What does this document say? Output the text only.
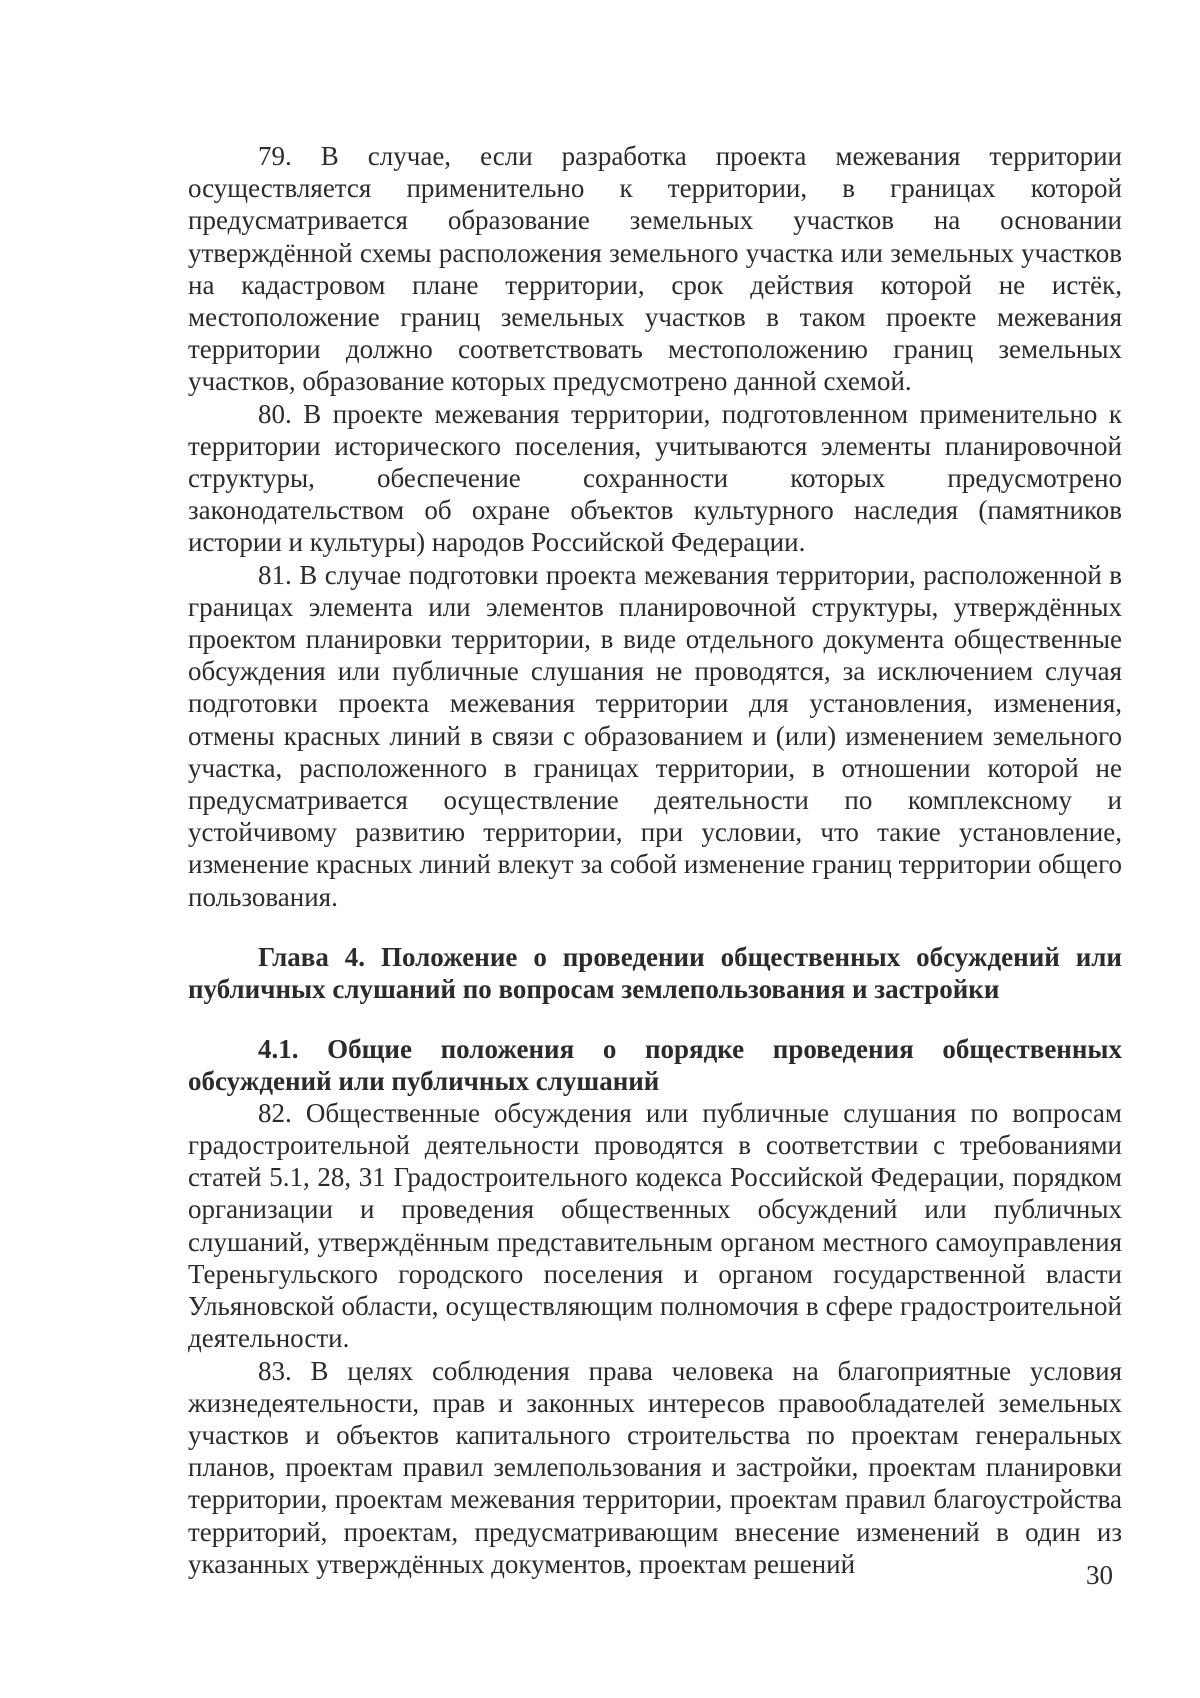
79. В случае, если разработка проекта межевания территории осуществляется применительно к территории, в границах которой предусматривается образование земельных участков на основании утверждённой схемы расположения земельного участка или земельных участков на кадастровом плане территории, срок действия которой не истёк, местоположение границ земельных участков в таком проекте межевания территории должно соответствовать местоположению границ земельных участков, образование которых предусмотрено данной схемой.

80. В проекте межевания территории, подготовленном применительно к территории исторического поселения, учитываются элементы планировочной структуры, обеспечение сохранности которых предусмотрено законодательством об охране объектов культурного наследия (памятников истории и культуры) народов Российской Федерации.

81. В случае подготовки проекта межевания территории, расположенной в границах элемента или элементов планировочной структуры, утверждённых проектом планировки территории, в виде отдельного документа общественные обсуждения или публичные слушания не проводятся, за исключением случая подготовки проекта межевания территории для установления, изменения, отмены красных линий в связи с образованием и (или) изменением земельного участка, расположенного в границах территории, в отношении которой не предусматривается осуществление деятельности по комплексному и устойчивому развитию территории, при условии, что такие установление, изменение красных линий влекут за собой изменение границ территории общего пользования.

Глава 4. Положение о проведении общественных обсуждений или публичных слушаний по вопросам землепользования и застройки
4.1. Общие положения о порядке проведения общественных обсуждений или публичных слушаний

82. Общественные обсуждения или публичные слушания по вопросам градостроительной деятельности проводятся в соответствии с требованиями статей 5.1, 28, 31 Градостроительного кодекса Российской Федерации, порядком организации и проведения общественных обсуждений или публичных слушаний, утверждённым представительным органом местного самоуправления Тереньгульского городского поселения и органом государственной власти Ульяновской области, осуществляющим полномочия в сфере градостроительной деятельности.

83. В целях соблюдения права человека на благоприятные условия жизнедеятельности, прав и законных интересов правообладателей земельных участков и объектов капитального строительства по проектам генеральных планов, проектам правил землепользования и застройки, проектам планировки территории, проектам межевания территории, проектам правил благоустройства территорий, проектам, предусматривающим внесение изменений в один из указанных утверждённых документов, проектам решений	30
